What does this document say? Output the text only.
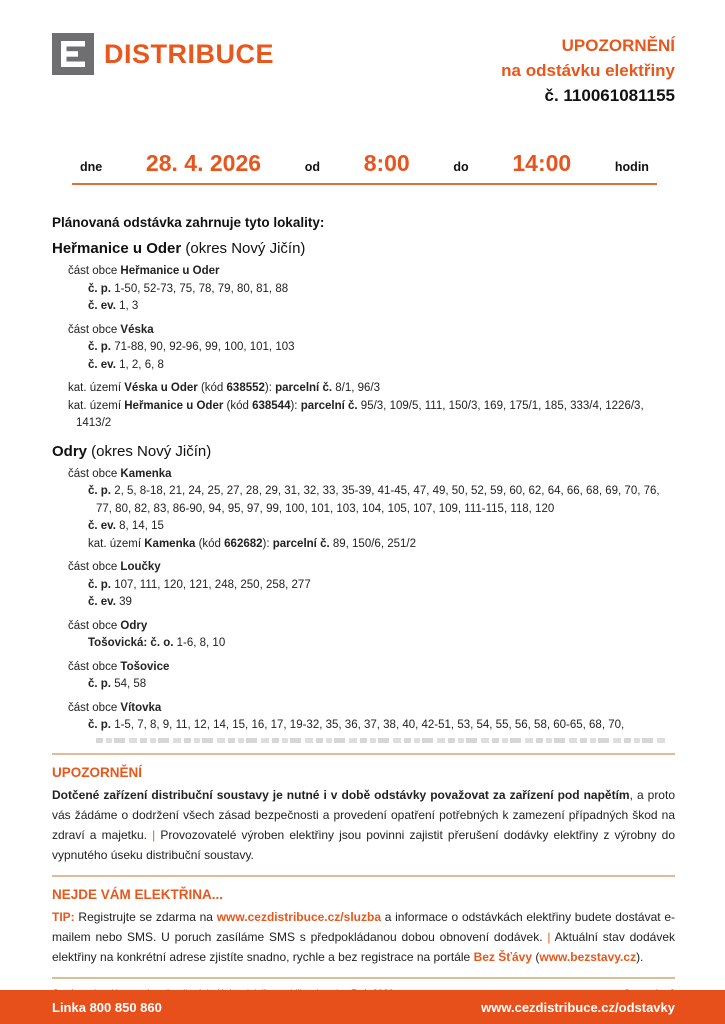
DISTRIBUCE	UPOZORNĚNÍ
na odstávku elektřiny
č. 110061081155
dne 28. 4. 2026	od 8:00	do 14:00	hodin
Plánovaná odstávka zahrnuje tyto lokality:
Heřmanice u Oder (okres Nový Jičín)
část obce Heřmanice u Oder
č. p. 1-50, 52-73, 75, 78, 79, 80, 81, 88
č. ev. 1, 3
část obce Véska
č. p. 71-88, 90, 92-96, 99, 100, 101, 103
č. ev. 1, 2, 6, 8
kat. území Véska u Oder (kód 638552): parcelní č. 8/1, 96/3
kat. území Heřmanice u Oder (kód 638544): parcelní č. 95/3, 109/5, 111, 150/3, 169, 175/1, 185, 333/4, 1226/3, 1413/2
Odry (okres Nový Jičín)
část obce Kamenka
č. p. 2, 5, 8-18, 21, 24, 25, 27, 28, 29, 31, 32, 33, 35-39, 41-45, 47, 49, 50, 52, 59, 60, 62, 64, 66, 68, 69, 70, 76, 77, 80, 82, 83, 86-90, 94, 95, 97, 99, 100, 101, 103, 104, 105, 107, 109, 111-115, 118, 120
č. ev. 8, 14, 15
kat. území Kamenka (kód 662682): parcelní č. 89, 150/6, 251/2
část obce Loučky
č. p. 107, 111, 120, 121, 248, 250, 258, 277
č. ev. 39
část obce Odry
Tošovická: č. o. 1-6, 8, 10
část obce Tošovice
č. p. 54, 58
část obce Vítovka
č. p. 1-5, 7, 8, 9, 11, 12, 14, 15, 16, 17, 19-32, 35, 36, 37, 38, 40, 42-51, 53, 54, 55, 56, 58, 60-65, 68, 70,
UPOZORNĚNÍ
Dotčené zařízení distribuční soustavy je nutné i v době odstávky považovat za zařízení pod napětím, a proto vás žádáme o dodržení všech zásad bezpečnosti a provedení opatření potřebných k zamezení případných škod na zdraví a majetku. | Provozovatelé výroben elektřiny jsou povinni zajistit přerušení dodávky elektřiny z výrobny do vypnutého úseku distribuční soustavy.
NEJDE VÁM ELEKTŘINA...
TIP: Registrujte se zdarma na www.cezdistribuce.cz/sluzba a informace o odstávkách elektřiny budete dostávat e-mailem nebo SMS. U poruch zasíláme SMS s předpokládanou dobou obnovení dodávek. | Aktuální stav dodávek elektřiny na konkrétní adrese zjistíte snadno, rychle a bez registrace na portále Bez Šťávy (www.bezstavy.cz).
Linka 800 850 860	www.cezdistribuce.cz/odstavky
